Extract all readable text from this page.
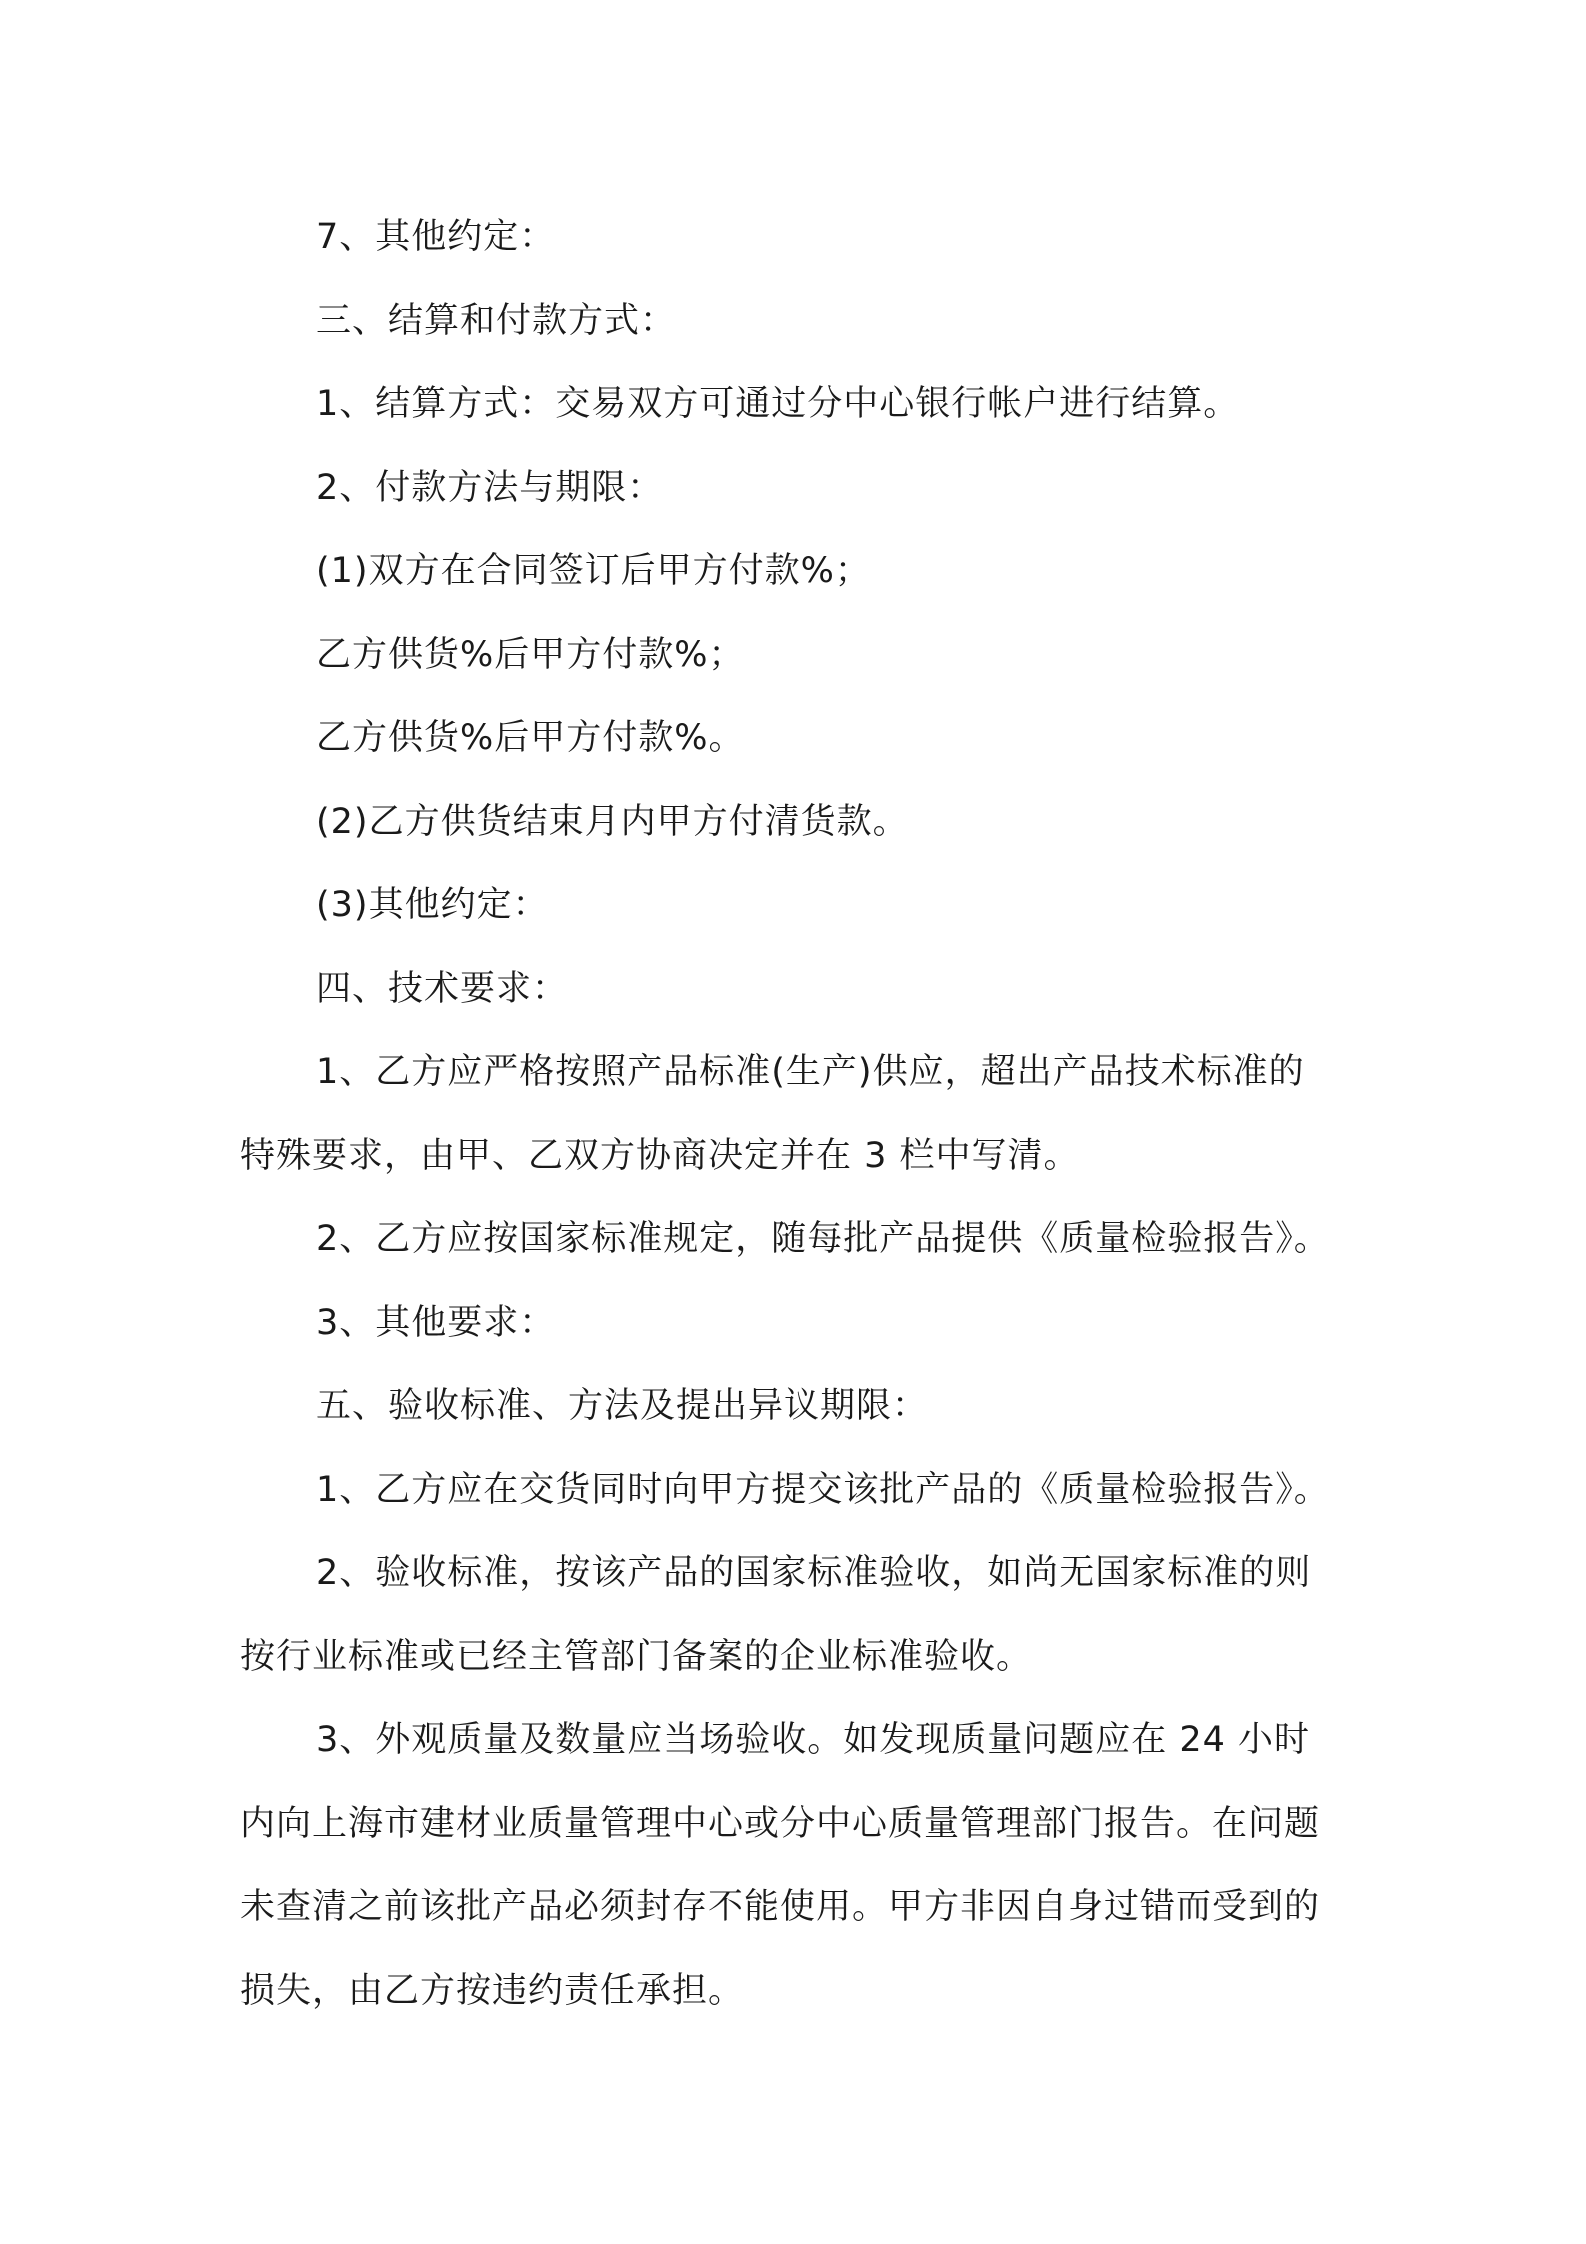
7、其他约定：
三、结算和付款方式：
1、结算方式：交易双方可通过分中心银行帐户进行结算。
2、付款方法与期限：
(1)双方在合同签订后甲方付款%；
乙方供货%后甲方付款%；
乙方供货%后甲方付款%。
(2)乙方供货结束月内甲方付清货款。
(3)其他约定：
四、技术要求：
1、乙方应严格按照产品标准(生产)供应，超出产品技术标准的
特殊要求，由甲、乙双方协商决定并在 3 栏中写清。
2、乙方应按国家标准规定，随每批产品提供《质量检验报告》。
3、其他要求：
五、验收标准、方法及提出异议期限：
1、乙方应在交货同时向甲方提交该批产品的《质量检验报告》。
2、验收标准，按该产品的国家标准验收，如尚无国家标准的则
按行业标准或已经主管部门备案的企业标准验收。
3、外观质量及数量应当场验收。如发现质量问题应在 24 小时
内向上海市建材业质量管理中心或分中心质量管理部门报告。在问题
未查清之前该批产品必须封存不能使用。甲方非因自身过错而受到的
损失，由乙方按违约责任承担。
